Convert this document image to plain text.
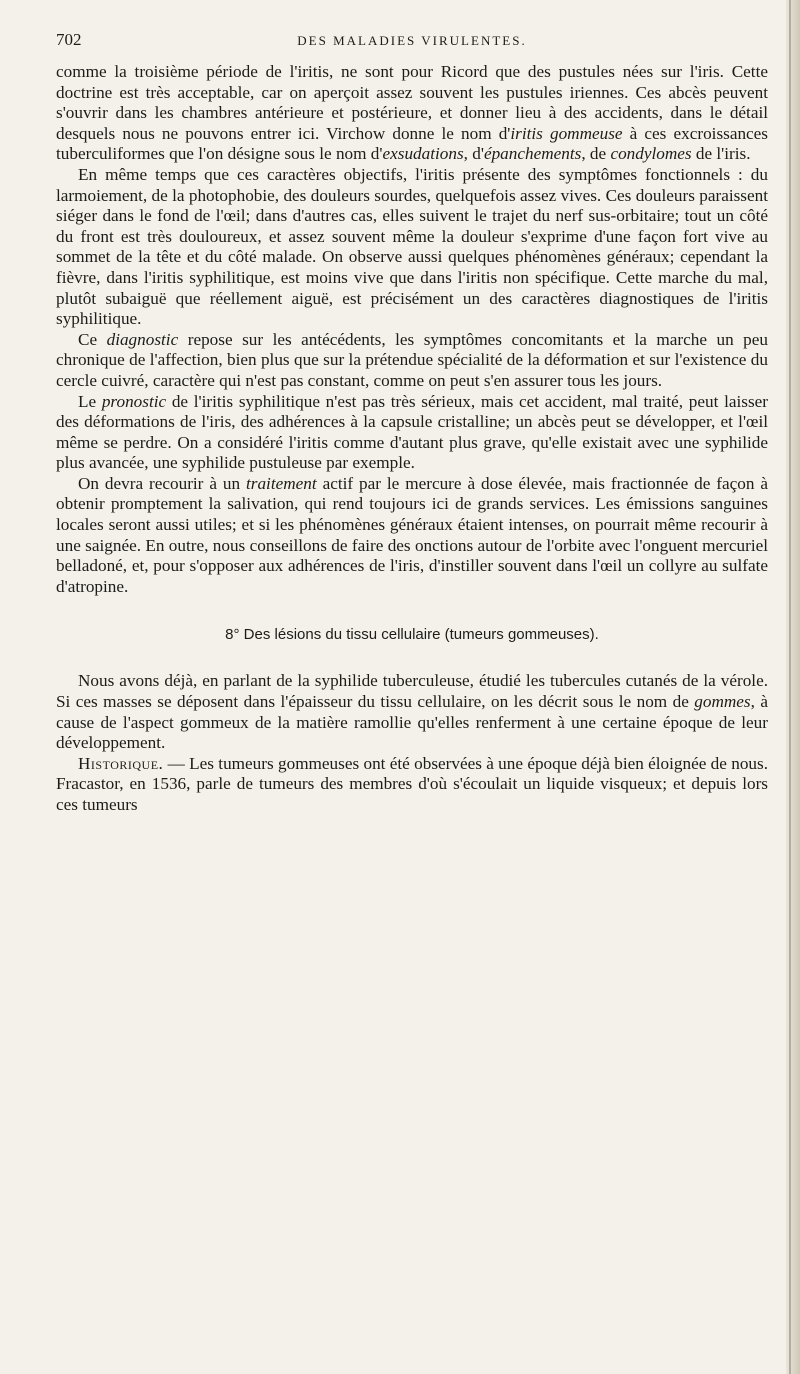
702	DES MALADIES VIRULENTES.

comme la troisième période de l'iritis, ne sont pour Ricord que des pustules nées sur l'iris. Cette doctrine est très acceptable, car on aperçoit assez souvent les pustules iriennes. Ces abcès peuvent s'ouvrir dans les chambres antérieure et postérieure, et donner lieu à des accidents, dans le détail desquels nous ne pouvons entrer ici. Virchow donne le nom d'iritis gommeuse à ces excroissances tuberculiformes que l'on désigne sous le nom d'exsudations, d'épanchements, de condylomes de l'iris.

En même temps que ces caractères objectifs, l'iritis présente des symptômes fonctionnels : du larmoiement, de la photophobie, des douleurs sourdes, quelquefois assez vives. Ces douleurs paraissent siéger dans le fond de l'œil; dans d'autres cas, elles suivent le trajet du nerf sus-orbitaire; tout un côté du front est très douloureux, et assez souvent même la douleur s'exprime d'une façon fort vive au sommet de la tête et du côté malade. On observe aussi quelques phénomènes généraux; cependant la fièvre, dans l'iritis syphilitique, est moins vive que dans l'iritis non spécifique. Cette marche du mal, plutôt subaiguë que réellement aiguë, est précisément un des caractères diagnostiques de l'iritis syphilitique.

Ce diagnostic repose sur les antécédents, les symptômes concomitants et la marche un peu chronique de l'affection, bien plus que sur la prétendue spécialité de la déformation et sur l'existence du cercle cuivré, caractère qui n'est pas constant, comme on peut s'en assurer tous les jours.

Le pronostic de l'iritis syphilitique n'est pas très sérieux, mais cet accident, mal traité, peut laisser des déformations de l'iris, des adhérences à la capsule cristalline; un abcès peut se développer, et l'œil même se perdre. On a considéré l'iritis comme d'autant plus grave, qu'elle existait avec une syphilide plus avancée, une syphilide pustuleuse par exemple.

On devra recourir à un traitement actif par le mercure à dose élevée, mais fractionnée de façon à obtenir promptement la salivation, qui rend toujours ici de grands services. Les émissions sanguines locales seront aussi utiles; et si les phénomènes généraux étaient intenses, on pourrait même recourir à une saignée. En outre, nous conseillons de faire des onctions autour de l'orbite avec l'onguent mercuriel belladoné, et, pour s'opposer aux adhérences de l'iris, d'instiller souvent dans l'œil un collyre au sulfate d'atropine.

8° Des lésions du tissu cellulaire (tumeurs gommeuses).

Nous avons déjà, en parlant de la syphilide tuberculeuse, étudié les tubercules cutanés de la vérole. Si ces masses se déposent dans l'épaisseur du tissu cellulaire, on les décrit sous le nom de gommes, à cause de l'aspect gommeux de la matière ramollie qu'elles renferment à une certaine époque de leur développement.

Historique. — Les tumeurs gommeuses ont été observées à une époque déjà bien éloignée de nous. Fracastor, en 1536, parle de tumeurs des membres d'où s'écoulait un liquide visqueux; et depuis lors ces tumeurs
